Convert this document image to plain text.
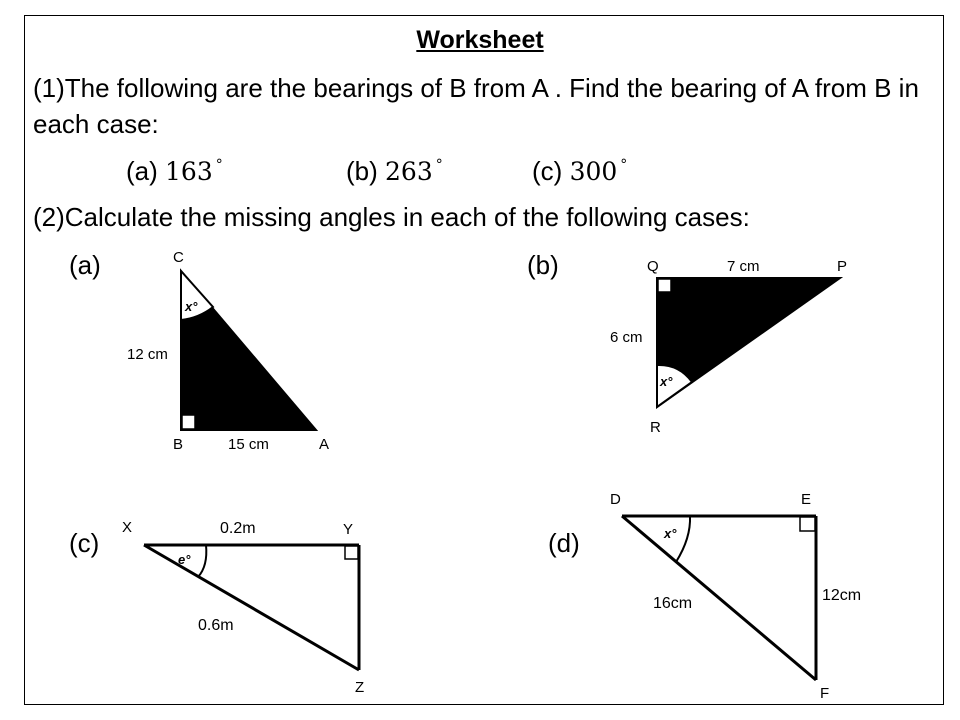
Worksheet
(1)The following are the bearings of B from A . Find the bearing of A from B in each case:
(a) 163 °	(b) 263 °	(c) 300 °
(2)Calculate the missing angles in each of the following cases:
(a)	(b)
(c)	(d)
C
B	A
12 cm
15 cm
x°
Q	P
R
7 cm
6 cm
x°
X	Y
Z
0.2m
0.6m
e°
D	E
F
16cm	12cm
x°
